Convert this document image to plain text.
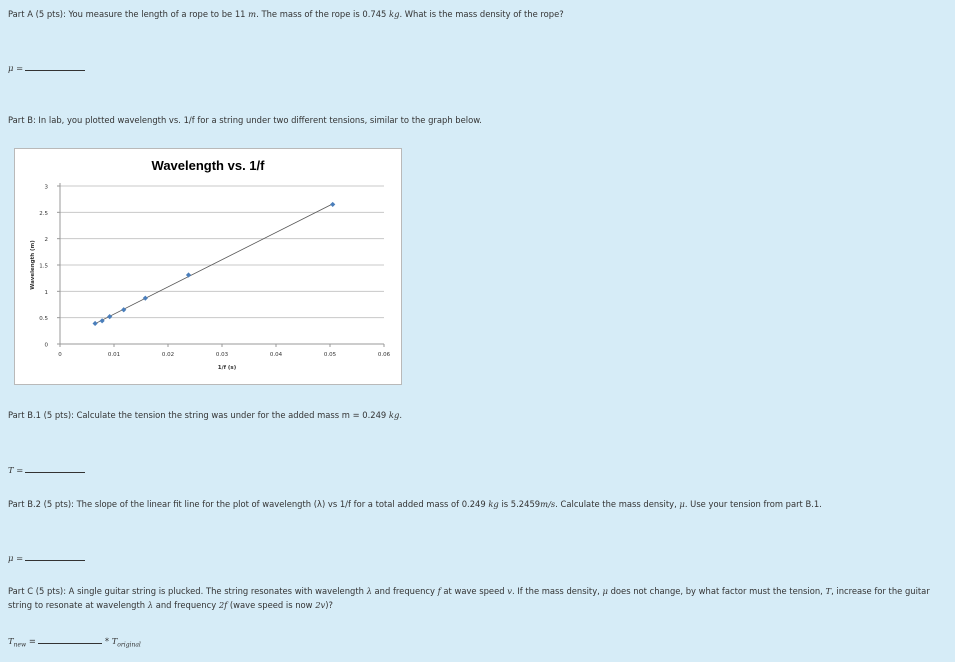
Part A (5 pts): You measure the length of a rope to be 11 m. The mass of the rope is 0.745 kg. What is the mass density of the rope?
μ =
Part B: In lab, you plotted wavelength vs. 1/f for a string under two different tensions, similar to the graph below.
Wavelength vs. 1/f
0
0.5
1
1.5
2
2.5
3
0	0.01	0.02	0.03	0.04	0.05	0.06
1/f (s)
Wavelength (m)
Part B.1 (5 pts): Calculate the tension the string was under for the added mass m = 0.249 kg.
T =
Part B.2 (5 pts): The slope of the linear fit line for the plot of wavelength (λ) vs 1/f for a total added mass of 0.249 kg is 5.2459m/s. Calculate the mass density, μ. Use your tension from part B.1.
μ =
Part C (5 pts): A single guitar string is plucked. The string resonates with wavelength λ and frequency f at wave speed v. If the mass density, μ does not change, by what factor must the tension, T, increase for the guitar string to resonate at wavelength λ and frequency 2f (wave speed is now 2v)?
$T_{new}$ =	* $T_{original}$
